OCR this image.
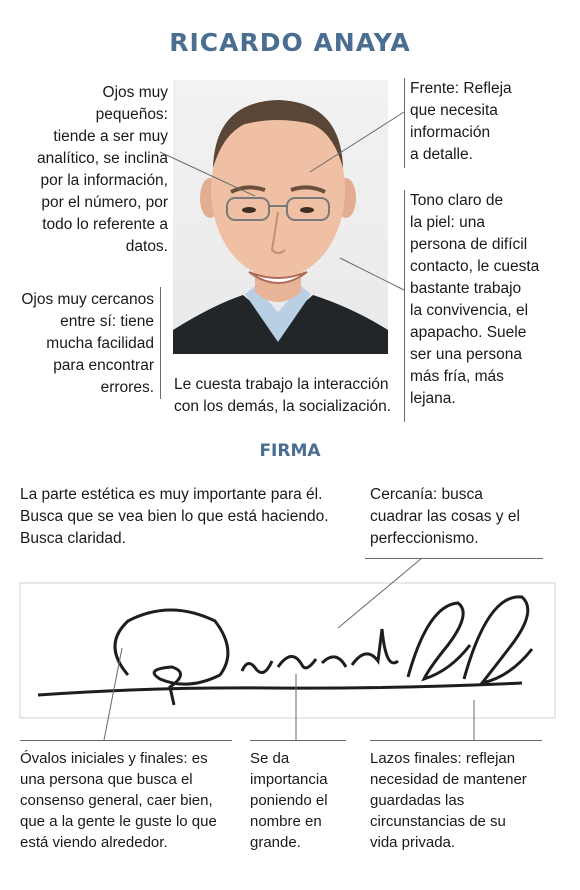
RICARDO ANAYA
Ojos muy
pequeños:
tiende a ser muy
analítico, se inclina
por la información,
por el número, por
todo lo referente a
datos.
Ojos muy cercanos
entre sí: tiene
mucha facilidad
para encontrar
errores.
Frente: Refleja
que necesita
información
a detalle.
Tono claro de
la piel: una
persona de difícil
contacto, le cuesta
bastante trabajo
la convivencia, el
apapacho. Suele
ser una persona
más fría, más
lejana.
Le cuesta trabajo la interacción
con los demás, la socialización.
FIRMA
La parte estética es muy importante para él.
Busca que se vea bien lo que está haciendo.
Busca claridad.
Cercanía: busca
cuadrar las cosas y el
perfeccionismo.
Óvalos iniciales y finales: es
una persona que busca el
consenso general, caer bien,
que a la gente le guste lo que
está viendo alrededor.
Se da
importancia
poniendo el
nombre en
grande.
Lazos finales: reflejan
necesidad de mantener
guardadas las
circunstancias de su
vida privada.
